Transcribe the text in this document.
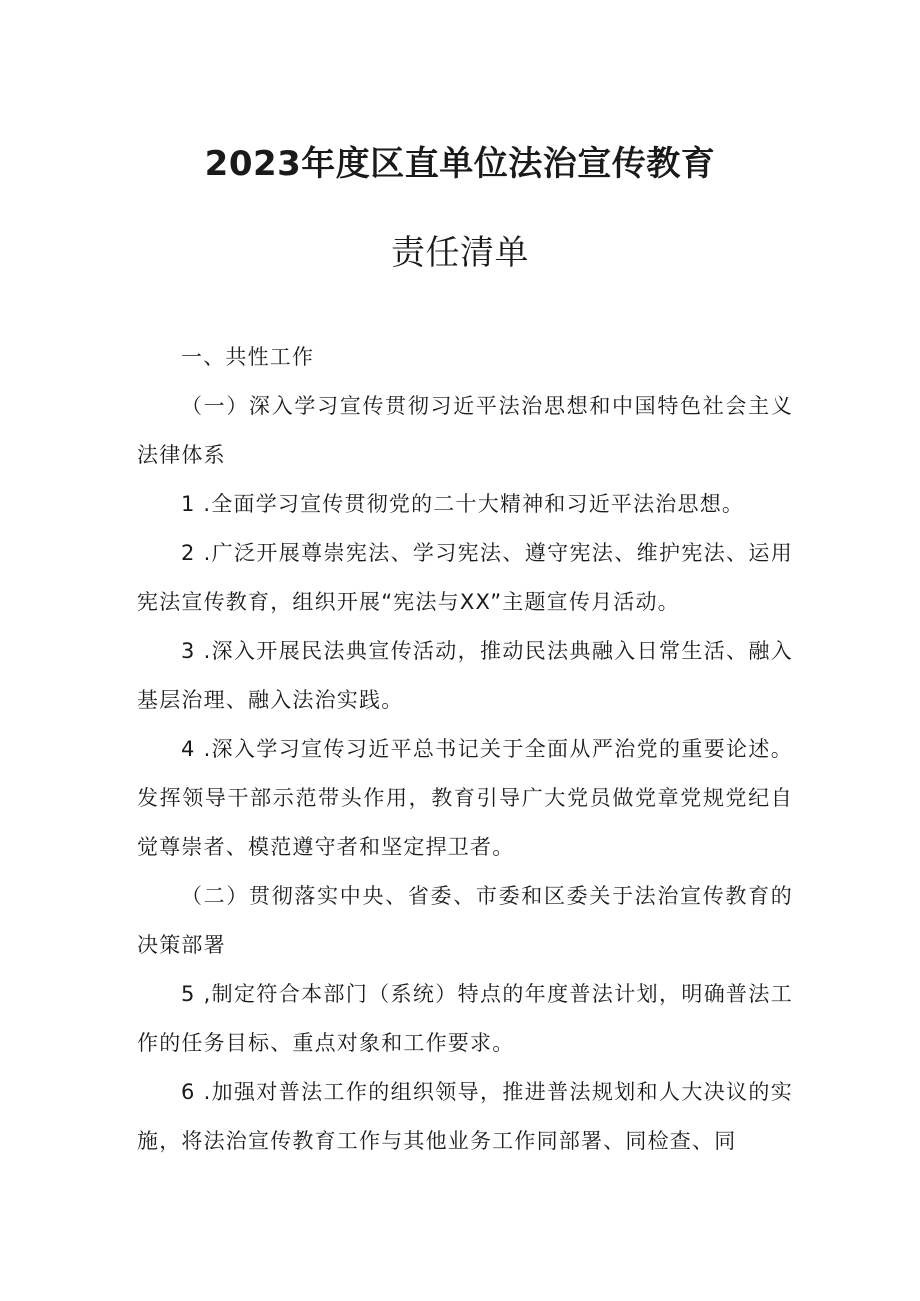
2023年度区直单位法治宣传教育
责任清单

一、共性工作

（一）深入学习宣传贯彻习近平法治思想和中国特色社会主义法律体系

1 .全面学习宣传贯彻党的二十大精神和习近平法治思想。

2 .广泛开展尊崇宪法、学习宪法、遵守宪法、维护宪法、运用宪法宣传教育，组织开展“宪法与XX”主题宣传月活动。

3 .深入开展民法典宣传活动，推动民法典融入日常生活、融入基层治理、融入法治实践。

4 .深入学习宣传习近平总书记关于全面从严治党的重要论述。发挥领导干部示范带头作用，教育引导广大党员做党章党规党纪自觉尊崇者、模范遵守者和坚定捍卫者。

（二）贯彻落实中央、省委、市委和区委关于法治宣传教育的决策部署

5 ,制定符合本部门（系统）特点的年度普法计划，明确普法工作的任务目标、重点对象和工作要求。

6 .加强对普法工作的组织领导，推进普法规划和人大决议的实施，将法治宣传教育工作与其他业务工作同部署、同检查、同
